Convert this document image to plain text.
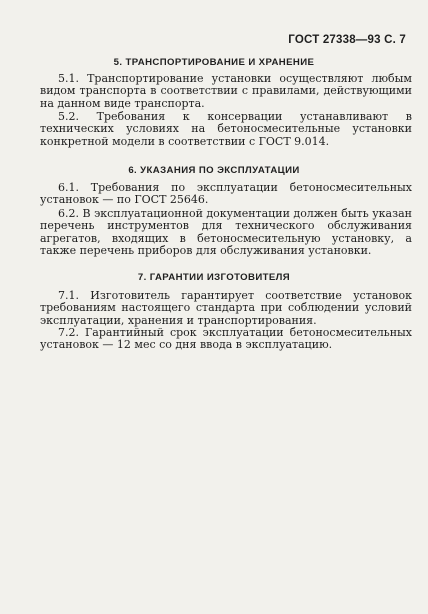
ГОСТ 27338—93 С. 7
5. ТРАНСПОРТИРОВАНИЕ И ХРАНЕНИЕ

5.1. Транспортирование установки осуществляют любым видом транспорта в соответствии с правилами, действующими на данном виде транспорта.

5.2. Требования к консервации устанавливают в технических условиях на бетоносмесительные установки конкретной модели в соответствии с ГОСТ 9.014.

6. УКАЗАНИЯ ПО ЭКСПЛУАТАЦИИ

6.1. Требования по эксплуатации бетоносмесительных установок — по ГОСТ 25646.

6.2. В эксплуатационной документации должен быть указан перечень инструментов для технического обслуживания агрегатов, входящих в бетоносмесительную установку, а также перечень приборов для обслуживания установки.

7. ГАРАНТИИ ИЗГОТОВИТЕЛЯ

7.1. Изготовитель гарантирует соответствие установок требованиям настоящего стандарта при соблюдении условий эксплуатации, хранения и транспортирования.

7.2. Гарантийный срок эксплуатации бетоносмесительных установок — 12 мес со дня ввода в эксплуатацию.
